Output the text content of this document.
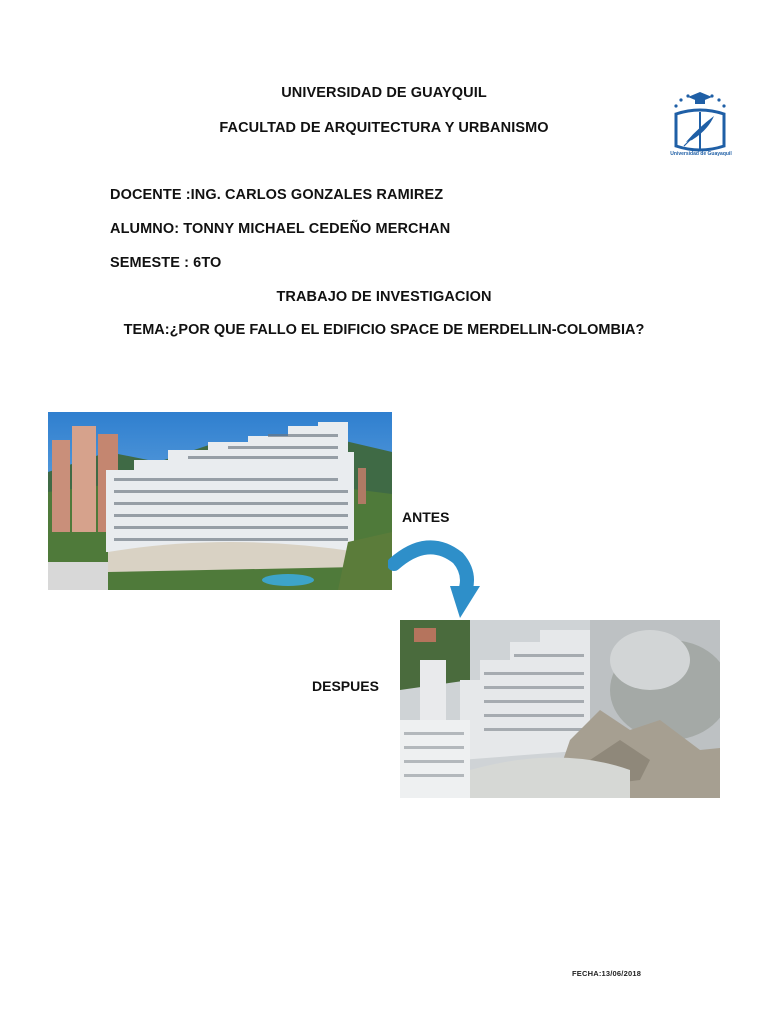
UNIVERSIDAD DE GUAYQUIL
FACULTAD DE ARQUITECTURA Y URBANISMO
Universidad de Guayaquil
DOCENTE :ING. CARLOS GONZALES RAMIREZ
ALUMNO: TONNY MICHAEL CEDEÑO MERCHAN
SEMESTE : 6TO
TRABAJO DE INVESTIGACION
TEMA:¿POR QUE FALLO EL EDIFICIO SPACE DE MERDELLIN-COLOMBIA?
ANTES
DESPUES
FECHA:13/06/2018
